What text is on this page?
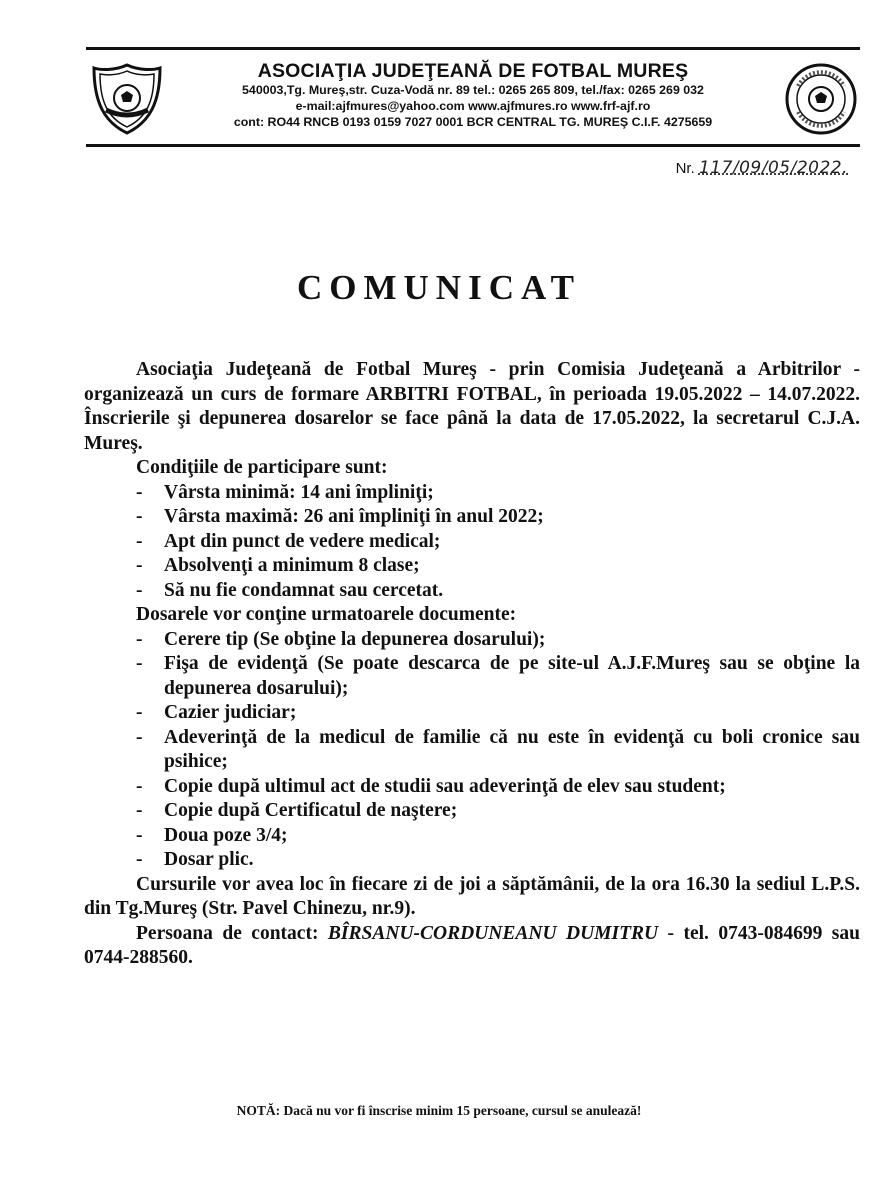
ASOCIAŢIA JUDEŢEANĂ DE FOTBAL MUREŞ
540003,Tg. Mureş,str. Cuza-Vodă nr. 89 tel.: 0265 265 809, tel./fax: 0265 269 032
e-mail:ajfmures@yahoo.com www.ajfmures.ro www.frf-ajf.ro
cont: RO44 RNCB 0193 0159 7027 0001 BCR CENTRAL TG. MUREŞ C.I.F. 4275659
Nr. 117/09/05/2022.
COMUNICAT

Asociaţia Judeţeană de Fotbal Mureş - prin Comisia Judeţeană a Arbitrilor - organizează un curs de formare ARBITRI FOTBAL, în perioada 19.05.2022 – 14.07.2022. Înscrierile şi depunerea dosarelor se face până la data de 17.05.2022, la secretarul C.J.A. Mureş.

Condiţiile de participare sunt:

- Vârsta minimă: 14 ani împliniţi;
- Vârsta maximă: 26 ani împliniţi în anul 2022;
- Apt din punct de vedere medical;
- Absolvenţi a minimum 8 clase;
- Să nu fie condamnat sau cercetat.

Dosarele vor conţine urmatoarele documente:

- Cerere tip (Se obţine la depunerea dosarului);
- Fişa de evidenţă (Se poate descarca de pe site-ul A.J.F.Mureş sau se obţine la depunerea dosarului);
- Cazier judiciar;
- Adeverinţă de la medicul de familie că nu este în evidenţă cu boli cronice sau psihice;
- Copie după ultimul act de studii sau adeverinţă de elev sau student;
- Copie după Certificatul de naştere;
- Doua poze 3/4;
- Dosar plic.

Cursurile vor avea loc în fiecare zi de joi a săptămânii, de la ora 16.30 la sediul L.P.S. din Tg.Mureş (Str. Pavel Chinezu, nr.9).

Persoana de contact: BÎRSANU-CORDUNEANU DUMITRU - tel. 0743-084699 sau 0744-288560.

NOTĂ: Dacă nu vor fi înscrise minim 15 persoane, cursul se anulează!
